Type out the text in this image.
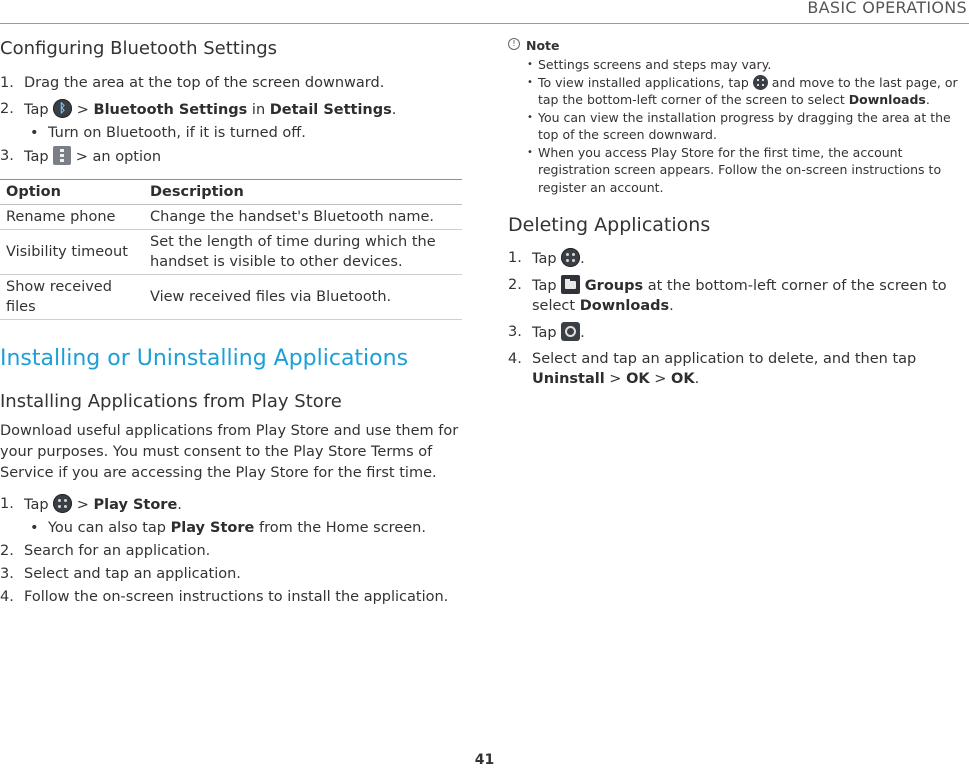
BASIC OPERATIONS
Configuring Bluetooth Settings
1. Drag the area at the top of the screen downward.
2. Tap ᛒ > Bluetooth Settings in Detail Settings.
• Turn on Bluetooth, if it is turned off.
3. Tap > an option
Option	Description
Rename phone	Change the handset's Bluetooth name.
Visibility timeout	Set the length of time during which the handset is visible to other devices.
Show received files	View received files via Bluetooth.
Installing or Uninstalling Applications
Installing Applications from Play Store

Download useful applications from Play Store and use them for your purposes. You must consent to the Play Store Terms of Service if you are accessing the Play Store for the first time.

1. Tap > Play Store.
• You can also tap Play Store from the Home screen.
2. Search for an application.
3. Select and tap an application.
4. Follow the on-screen instructions to install the application.
! Note
• Settings screens and steps may vary.
• To view installed applications, tap and move to the last page, or tap the bottom-left corner of the screen to select Downloads.
• You can view the installation progress by dragging the area at the top of the screen downward.
• When you access Play Store for the first time, the account registration screen appears. Follow the on-screen instructions to register an account.
Deleting Applications
1. Tap .
2. Tap Groups at the bottom-left corner of the screen to select Downloads.
3. Tap .
4. Select and tap an application to delete, and then tap Uninstall > OK > OK.
41
